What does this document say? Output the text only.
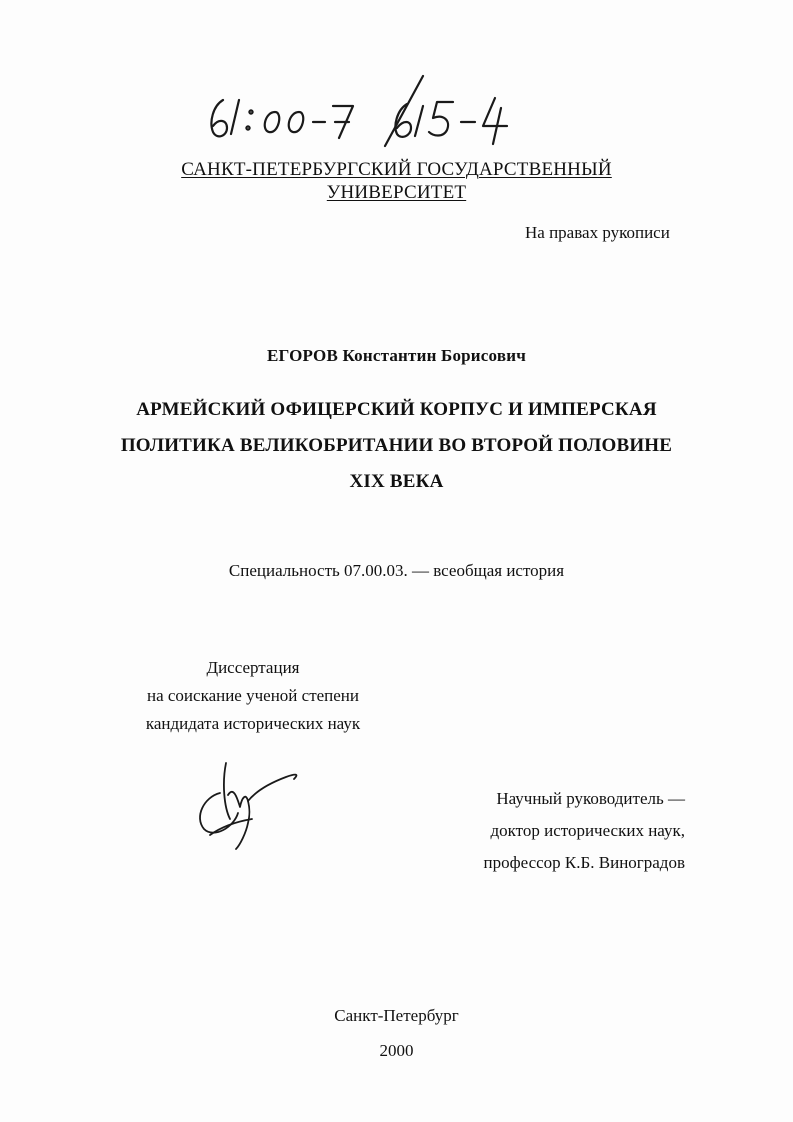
САНКТ-ПЕТЕРБУРГСКИЙ ГОСУДАРСТВЕННЫЙ
УНИВЕРСИТЕТ
На правах рукописи
ЕГОРОВ Константин Борисович
АРМЕЙСКИЙ ОФИЦЕРСКИЙ КОРПУС И ИМПЕРСКАЯ
ПОЛИТИКА ВЕЛИКОБРИТАНИИ ВО ВТОРОЙ ПОЛОВИНЕ
XIX ВЕКА
Специальность 07.00.03. — всеобщая история
Диссертация
на соискание ученой степени
кандидата исторических наук
Научный руководитель —
доктор исторических наук,
профессор К.Б. Виноградов
Санкт-Петербург
2000
